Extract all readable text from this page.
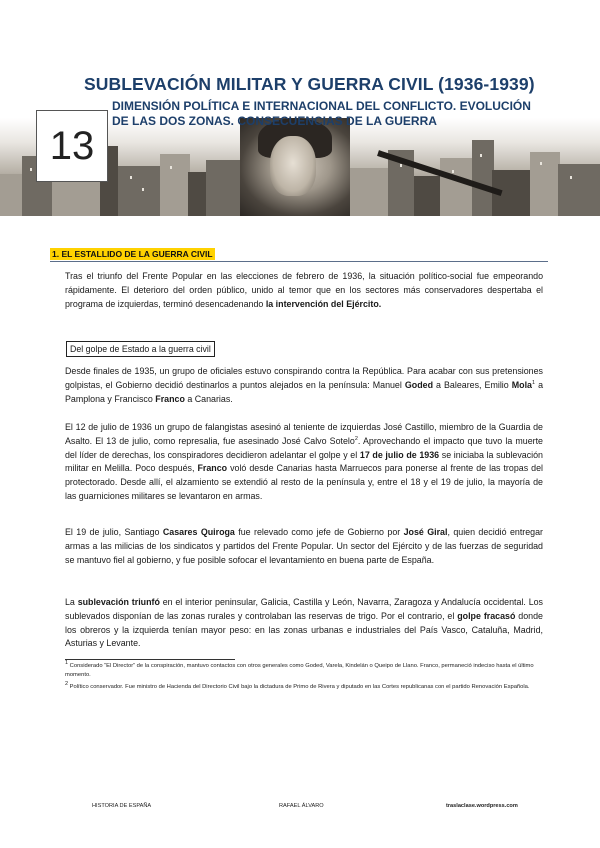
13
SUBLEVACIÓN MILITAR Y GUERRA CIVIL (1936-1939)
DIMENSIÓN POLÍTICA E INTERNACIONAL DEL CONFLICTO. EVOLUCIÓN
DE LAS DOS ZONAS. CONSECUENCIAS DE LA GUERRA
1. EL ESTALLIDO DE LA GUERRA CIVIL
Tras el triunfo del Frente Popular en las elecciones de febrero de 1936, la situación político-social fue empeorando rápidamente. El deterioro del orden público, unido al temor que en los sectores más conservadores despertaba el programa de izquierdas, terminó desencadenando la intervención del Ejército.
Del golpe de Estado a la guerra civil
Desde finales de 1935, un grupo de oficiales estuvo conspirando contra la República. Para acabar con sus pretensiones golpistas, el Gobierno decidió destinarlos a puntos alejados en la península: Manuel Goded a Baleares, Emilio Mola$^1$ a Pamplona y Francisco Franco a Canarias.
El 12 de julio de 1936 un grupo de falangistas asesinó al teniente de izquierdas José Castillo, miembro de la Guardia de Asalto. El 13 de julio, como represalia, fue asesinado José Calvo Sotelo$^2$. Aprovechando el impacto que tuvo la muerte del líder de derechas, los conspiradores decidieron adelantar el golpe y el 17 de julio de 1936 se iniciaba la sublevación militar en Melilla. Poco después, Franco voló desde Canarias hasta Marruecos para ponerse al frente de las tropas del protectorado. Desde allí, el alzamiento se extendió al resto de la península y, entre el 18 y el 19 de julio, la mayoría de las guarniciones militares se levantaron en armas.
El 19 de julio, Santiago Casares Quiroga fue relevado como jefe de Gobierno por José Giral, quien decidió entregar armas a las milicias de los sindicatos y partidos del Frente Popular. Un sector del Ejército y de las fuerzas de seguridad se mantuvo fiel al gobierno, y fue posible sofocar el levantamiento en buena parte de España.
La sublevación triunfó en el interior peninsular, Galicia, Castilla y León, Navarra, Zaragoza y Andalucía occidental. Los sublevados disponían de las zonas rurales y controlaban las reservas de trigo. Por el contrario, el golpe fracasó donde los obreros y la izquierda tenían mayor peso: en las zonas urbanas e industriales del País Vasco, Cataluña, Madrid, Asturias y Levante.
$^1$ Considerado “El Director” de la conspiración, mantuvo contactos con otros generales como Goded, Varela, Kindelán o Queipo de Llano. Franco, permaneció indeciso hasta el último momento.
$^2$ Político conservador. Fue ministro de Hacienda del Directorio Civil bajo la dictadura de Primo de Rivera y diputado en las Cortes republicanas con el partido Renovación Española.
HISTORIA DE ESPAÑA	RAFAEL ÁLVARO	traslaclase.wordpress.com
